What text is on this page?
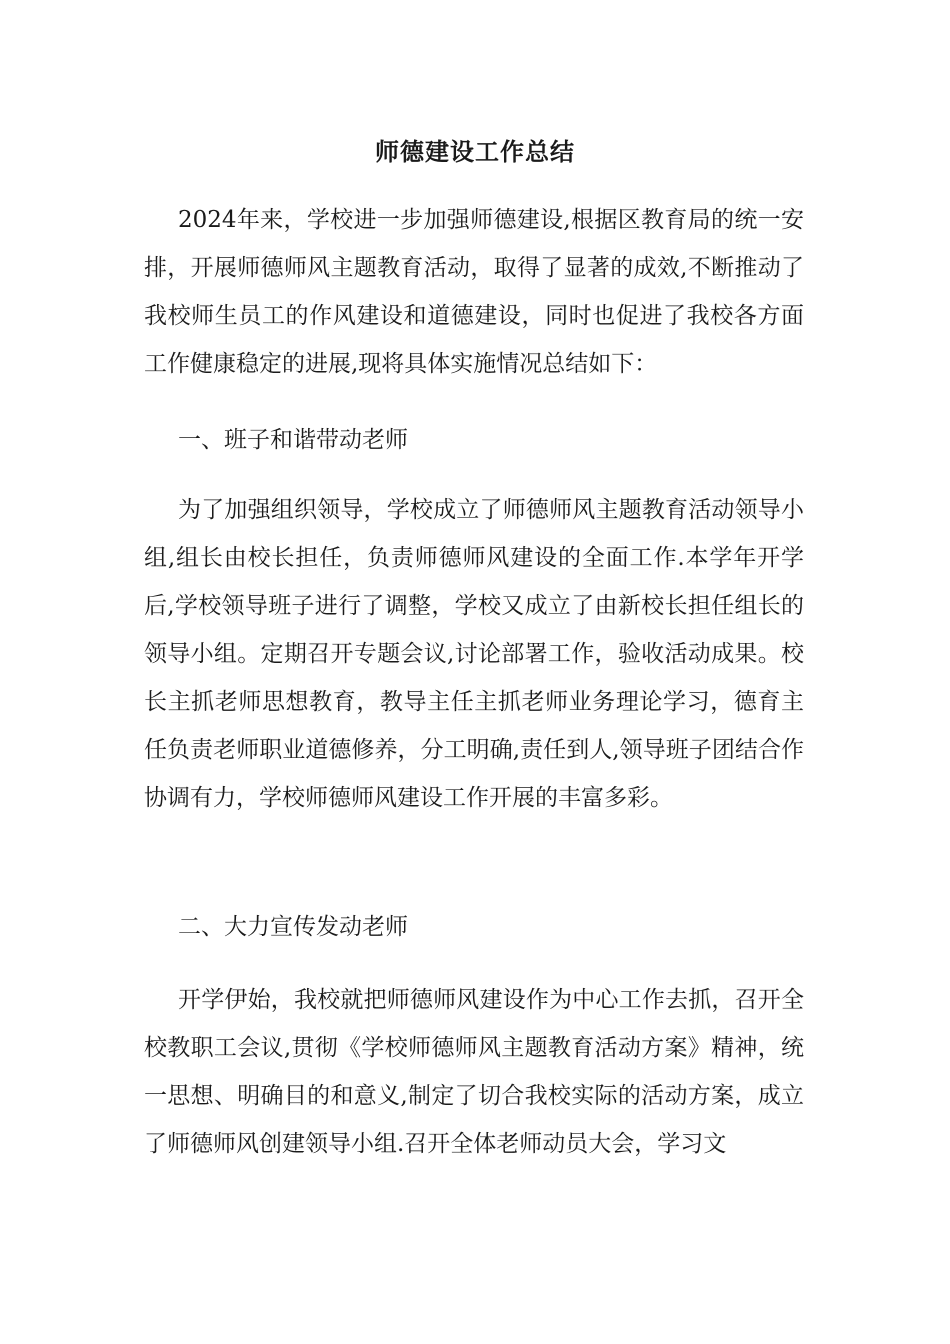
师德建设工作总结

2024年来，学校进一步加强师德建设,根据区教育局的统一安排，开展师德师风主题教育活动，取得了显著的成效,不断推动了我校师生员工的作风建设和道德建设，同时也促进了我校各方面工作健康稳定的进展,现将具体实施情况总结如下：

一、班子和谐带动老师

为了加强组织领导，学校成立了师德师风主题教育活动领导小组,组长由校长担任，负责师德师风建设的全面工作.本学年开学后,学校领导班子进行了调整，学校又成立了由新校长担任组长的领导小组。定期召开专题会议,讨论部署工作，验收活动成果。校长主抓老师思想教育，教导主任主抓老师业务理论学习，德育主任负责老师职业道德修养，分工明确,责任到人,领导班子团结合作协调有力，学校师德师风建设工作开展的丰富多彩。

二、大力宣传发动老师

开学伊始，我校就把师德师风建设作为中心工作去抓，召开全校教职工会议,贯彻《学校师德师风主题教育活动方案》精神，统一思想、明确目的和意义,制定了切合我校实际的活动方案，成立了师德师风创建领导小组.召开全体老师动员大会，学习文
